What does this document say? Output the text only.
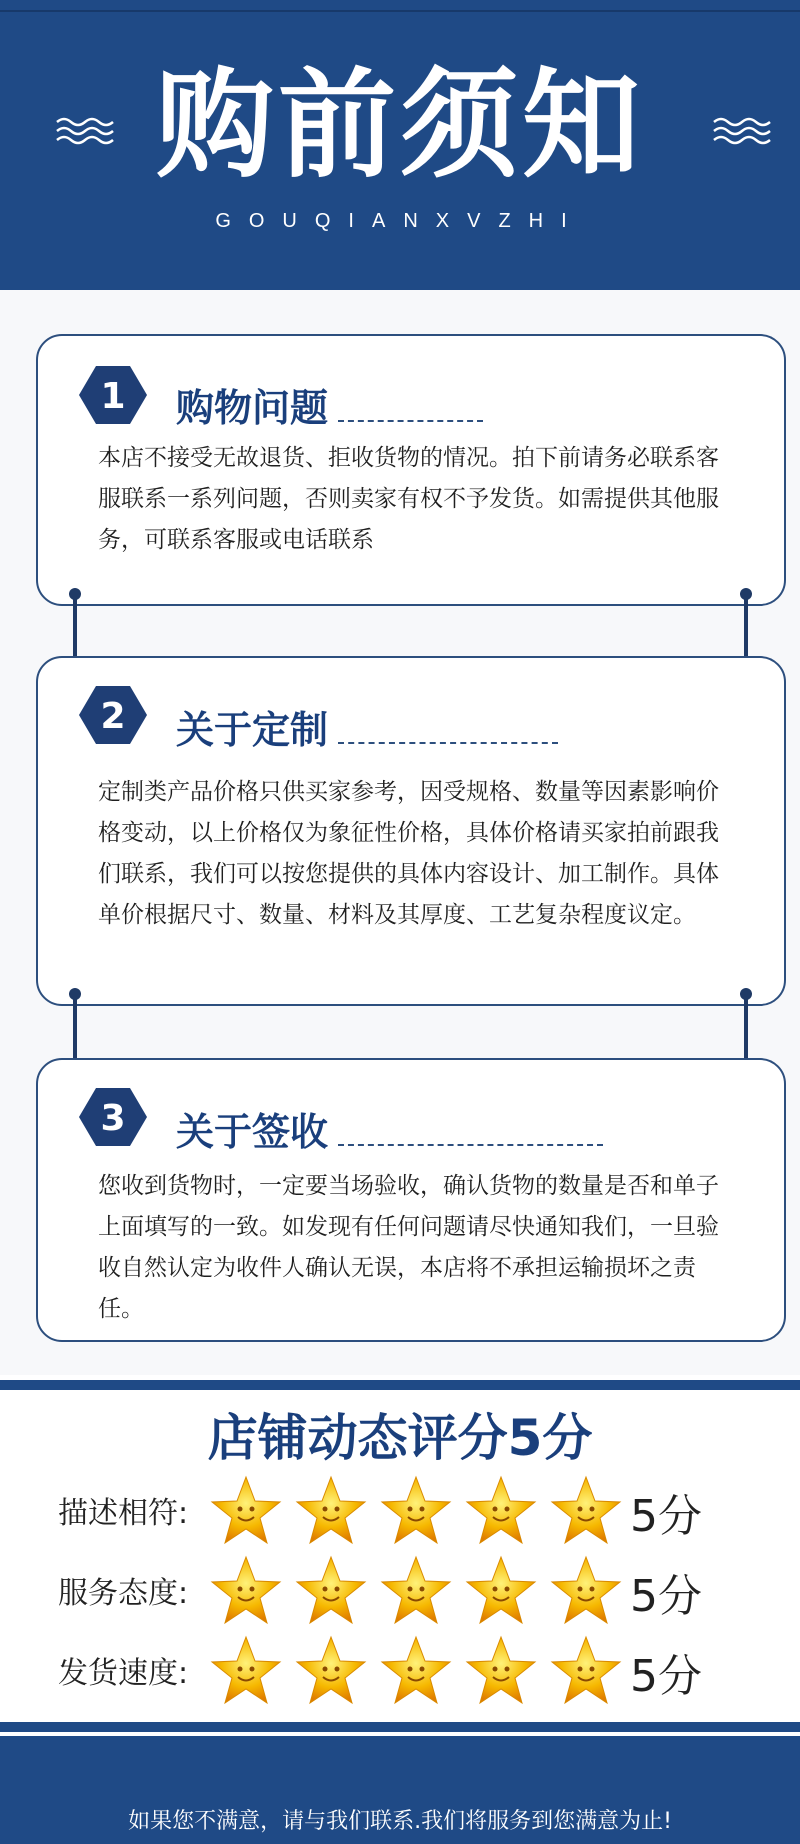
购前须知
GOUQIANXVZHI
1 购物问题

本店不接受无故退货、拒收货物的情况。拍下前请务必联系客服联系一系列问题，否则卖家有权不予发货。如需提供其他服务，可联系客服或电话联系

2 关于定制

定制类产品价格只供买家参考，因受规格、数量等因素影响价格变动，以上价格仅为象征性价格，具体价格请买家拍前跟我们联系，我们可以按您提供的具体内容设计、加工制作。具体单价根据尺寸、数量、材料及其厚度、工艺复杂程度议定。

3 关于签收

您收到货物时，一定要当场验收，确认货物的数量是否和单子上面填写的一致。如发现有任何问题请尽快通知我们，一旦验收自然认定为收件人确认无误，本店将不承担运输损坏之责任。

店铺动态评分5分
描述相符:	5分
服务态度:	5分
发货速度:	5分

如果您不满意，请与我们联系.我们将服务到您满意为止!
